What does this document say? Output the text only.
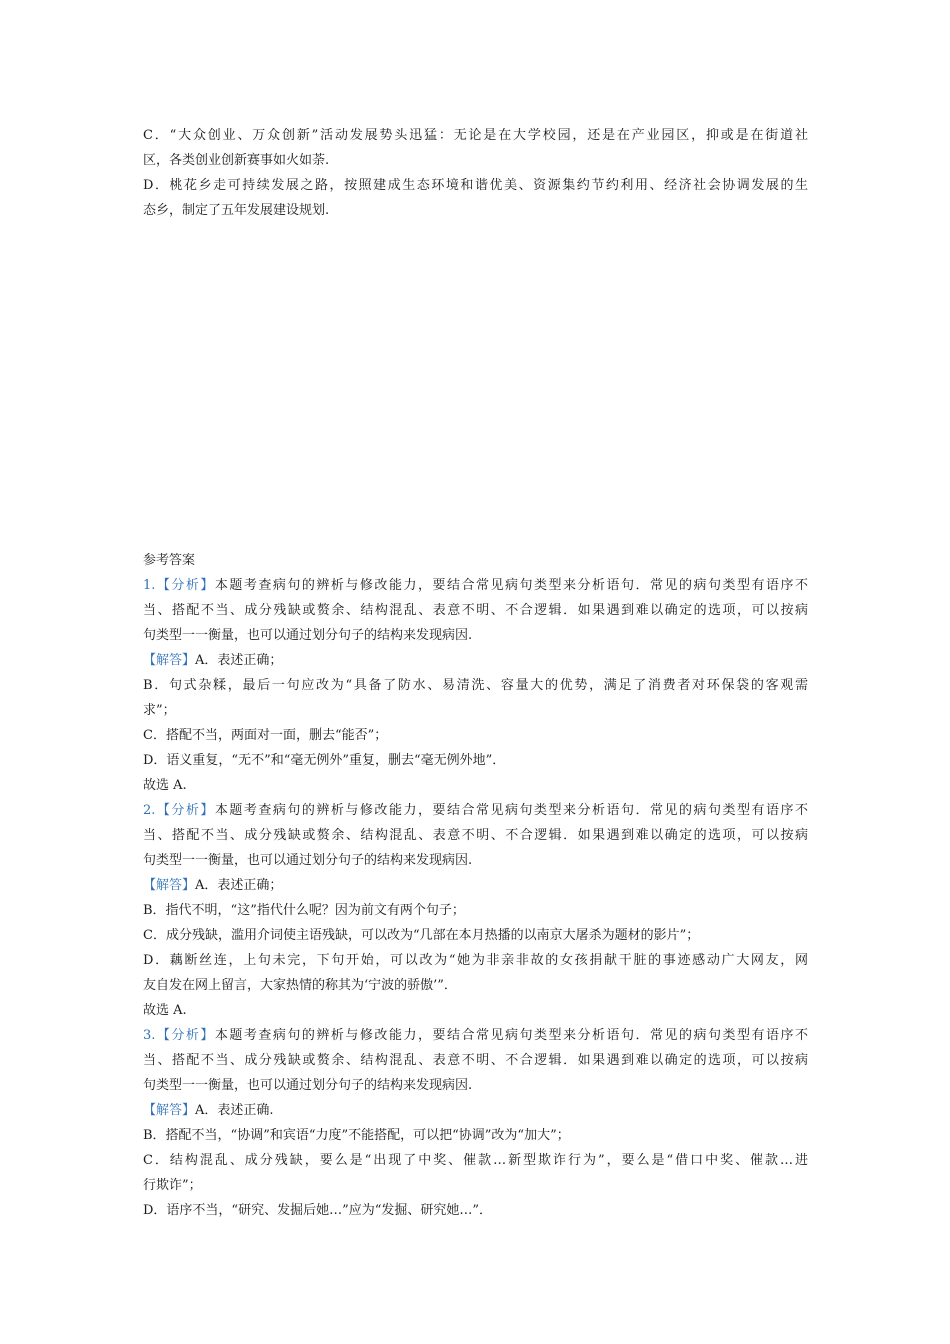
C．“大众创业、万众创新”活动发展势头迅猛：无论是在大学校园，还是在产业园区，抑或是在街道社
区，各类创业创新赛事如火如荼.
D．桃花乡走可持续发展之路，按照建成生态环境和谐优美、资源集约节约利用、经济社会协调发展的生
态乡，制定了五年发展建设规划.
参考答案
1.【分析】本题考查病句的辨析与修改能力，要结合常见病句类型来分析语句．常见的病句类型有语序不
当、搭配不当、成分残缺或赘余、结构混乱、表意不明、不合逻辑．如果遇到难以确定的选项，可以按病
句类型一一衡量，也可以通过划分句子的结构来发现病因.
【解答】A．表述正确；
B．句式杂糅，最后一句应改为“具备了防水、易清洗、容量大的优势，满足了消费者对环保袋的客观需
求”；
C．搭配不当，两面对一面，删去“能否”；
D．语义重复，“无不”和“毫无例外”重复，删去“毫无例外地”．
故选 A.
2.【分析】本题考查病句的辨析与修改能力，要结合常见病句类型来分析语句．常见的病句类型有语序不
当、搭配不当、成分残缺或赘余、结构混乱、表意不明、不合逻辑．如果遇到难以确定的选项，可以按病
句类型一一衡量，也可以通过划分句子的结构来发现病因.
【解答】A．表述正确；
B．指代不明，“这”指代什么呢？因为前文有两个句子；
C．成分残缺，滥用介词使主语残缺，可以改为“几部在本月热播的以南京大屠杀为题材的影片”；
D．藕断丝连，上句未完，下句开始，可以改为“她为非亲非故的女孩捐献干脏的事迹感动广大网友，网
友自发在网上留言，大家热情的称其为‘宁波的骄傲’”．
故选 A.
3.【分析】本题考查病句的辨析与修改能力，要结合常见病句类型来分析语句．常见的病句类型有语序不
当、搭配不当、成分残缺或赘余、结构混乱、表意不明、不合逻辑．如果遇到难以确定的选项，可以按病
句类型一一衡量，也可以通过划分句子的结构来发现病因.
【解答】A．表述正确.
B．搭配不当，“协调”和宾语“力度”不能搭配，可以把“协调”改为“加大”；
C．结构混乱、成分残缺，要么是“出现了中奖、催款…新型欺诈行为”，要么是“借口中奖、催款…进
行欺诈”；
D．语序不当，“研究、发掘后她…”应为“发掘、研究她…”．
